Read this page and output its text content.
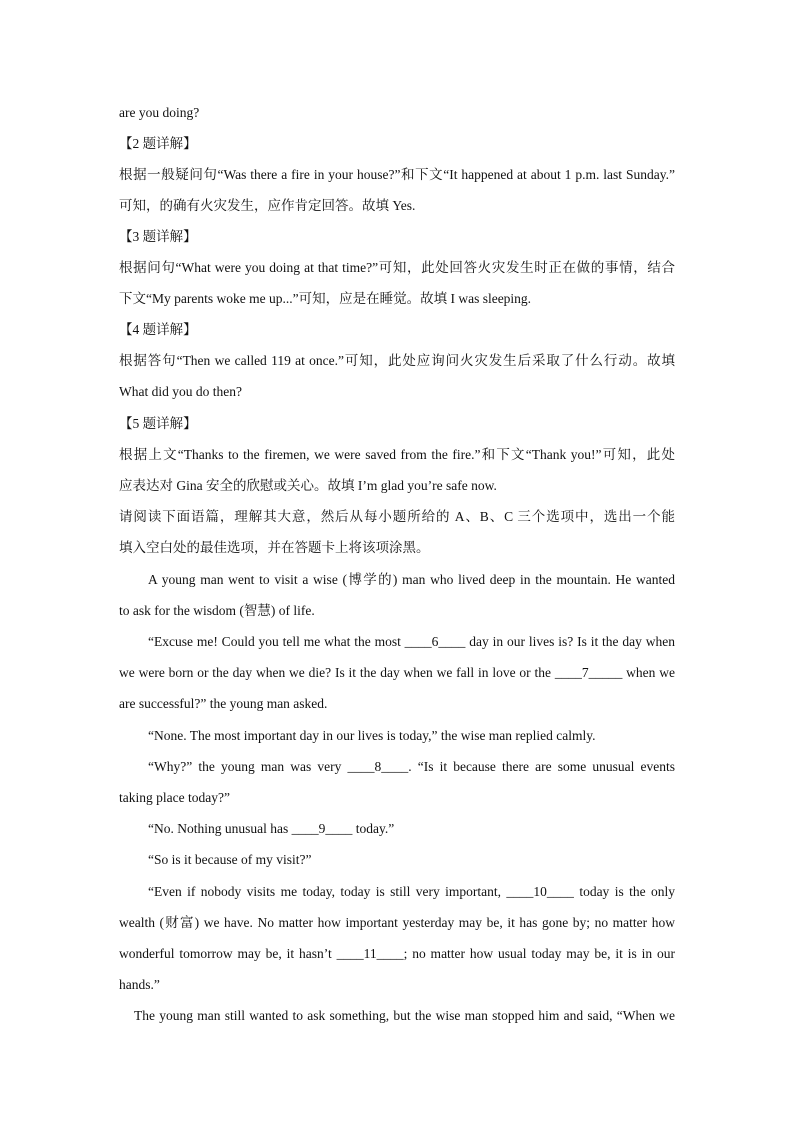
are you doing?
【2 题详解】
根据一般疑问句“Was there a fire in your house?”和下文“It happened at about 1 p.m. last Sunday.”
可知，的确有火灾发生，应作肯定回答。故填 Yes.
【3 题详解】
根据问句“What were you doing at that time?”可知，此处回答火灾发生时正在做的事情，结合
下文“My parents woke me up...”可知，应是在睡觉。故填 I was sleeping.
【4 题详解】
根据答句“Then we called 119 at once.”可知，此处应询问火灾发生后采取了什么行动。故填
What did you do then?
【5 题详解】
根据上文“Thanks to the firemen, we were saved from the fire.”和下文“Thank you!”可知，此处
应表达对 Gina 安全的欣慰或关心。故填 I’m glad you’re safe now.
请阅读下面语篇，理解其大意，然后从每小题所给的 A、B、C 三个选项中，选出一个能
填入空白处的最佳选项，并在答题卡上将该项涂黑。
A young man went to visit a wise (博学的) man who lived deep in the mountain. He wanted
to ask for the wisdom (智慧) of life.
“Excuse me! Could you tell me what the most ____6____ day in our lives is? Is it the day when
we were born or the day when we die? Is it the day when we fall in love or the ____7_____ when we
are successful?” the young man asked.
“None. The most important day in our lives is today,” the wise man replied calmly.
“Why?” the young man was very ____8____. “Is it because there are some unusual events
taking place today?”
“No. Nothing unusual has ____9____ today.”
“So is it because of my visit?”
“Even if nobody visits me today, today is still very important, ____10____ today is the only
wealth (财富) we have. No matter how important yesterday may be, it has gone by; no matter how
wonderful tomorrow may be, it hasn’t ____11____; no matter how usual today may be, it is in our
hands.”
The young man still wanted to ask something, but the wise man stopped him and said, “When we
